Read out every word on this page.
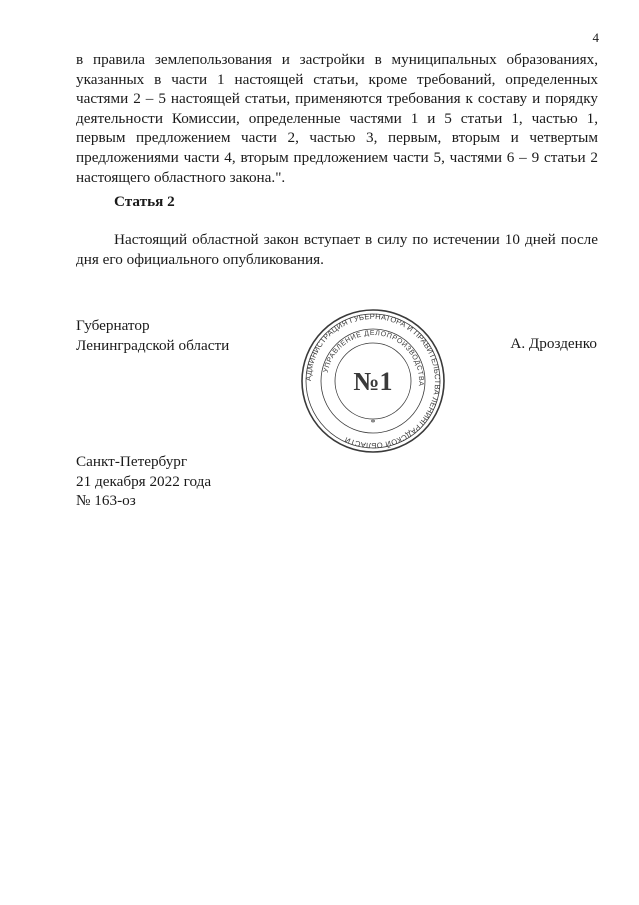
4

в правила землепользования и застройки в муниципальных образованиях, указанных в части 1 настоящей статьи, кроме требований, определенных частями 2 – 5 настоящей статьи, применяются требования к составу и порядку деятельности Комиссии, определенные частями 1 и 5 статьи 1, частью 1, первым предложением части 2, частью 3, первым, вторым и четвертым предложениями части 4, вторым предложением части 5, частями 6 – 9 статьи 2 настоящего областного закона.".

Статья 2

Настоящий областной закон вступает в силу по истечении 10 дней после дня его официального опубликования.

Губернатор
Ленинградской области
АДМИНИСТРАЦИЯ ГУБЕРНАТОРА И ПРАВИТЕЛЬСТВА ЛЕНИНГРАДСКОЙ ОБЛАСТИ
УПРАВЛЕНИЕ ДЕЛОПРОИЗВОДСТВА
№1
*
А. Дрозденко
Санкт-Петербург
21 декабря 2022 года
№ 163-оз
